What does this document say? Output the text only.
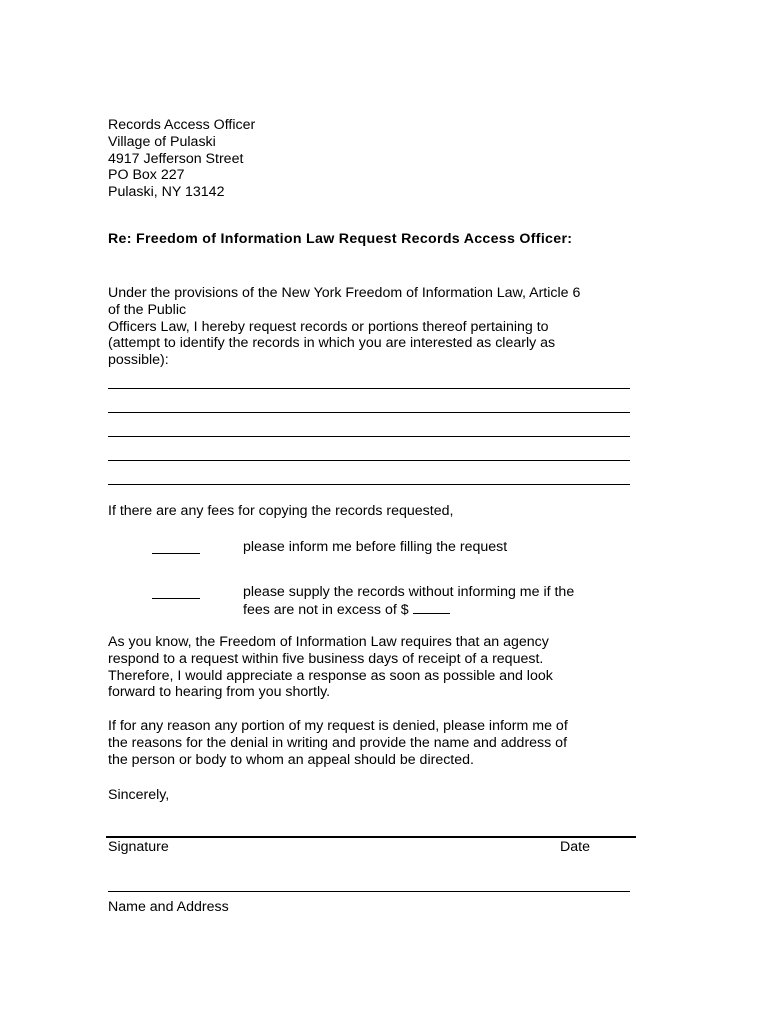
Records Access Officer
Village of Pulaski
4917 Jefferson Street
PO Box 227
Pulaski, NY 13142
Re: Freedom of Information Law Request Records Access Officer:
Under the provisions of the New York Freedom of Information Law, Article 6
of the Public
Officers Law, I hereby request records or portions thereof pertaining to
(attempt to identify the records in which you are interested as clearly as
possible):
If there are any fees for copying the records requested,
please inform me before filling the request
please supply the records without informing me if the
fees are not in excess of $
As you know, the Freedom of Information Law requires that an agency
respond to a request within five business days of receipt of a request.
Therefore, I would appreciate a response as soon as possible and look
forward to hearing from you shortly.
If for any reason any portion of my request is denied, please inform me of
the reasons for the denial in writing and provide the name and address of
the person or body to whom an appeal should be directed.
Sincerely,
Signature	Date
Name and Address
